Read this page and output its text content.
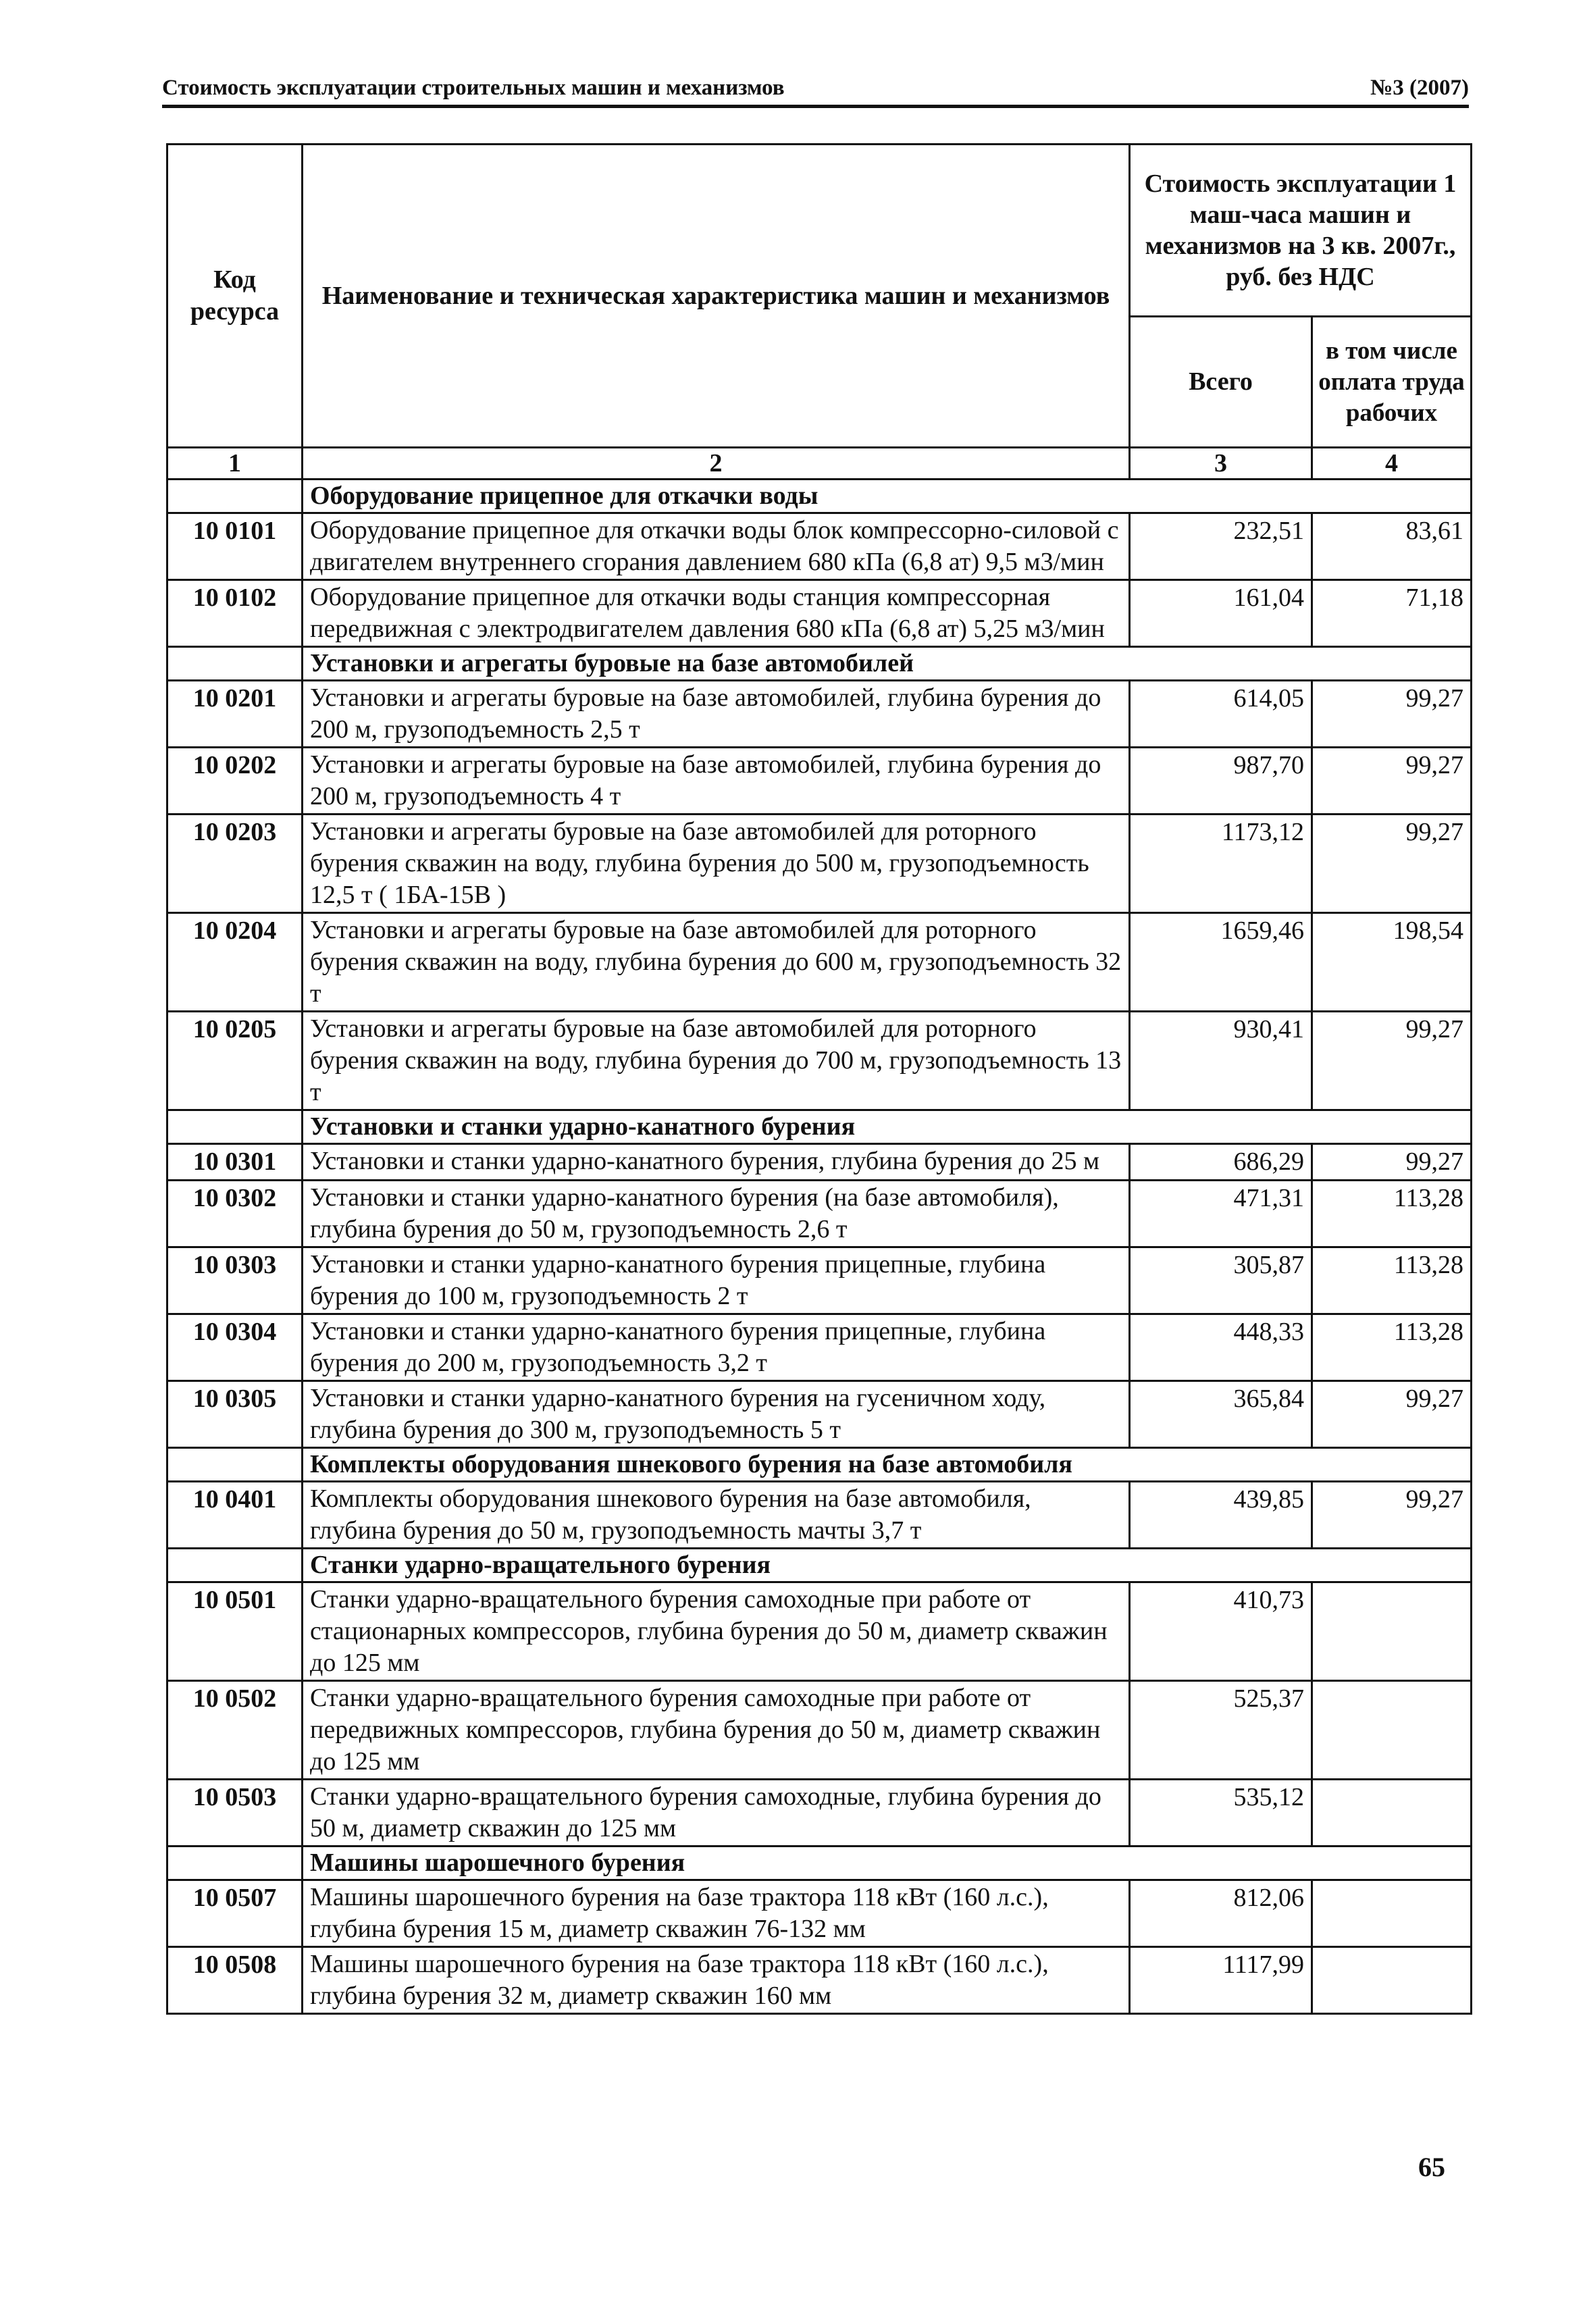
Стоимость эксплуатации строительных машин и механизмов	№3 (2007)
Код ресурса	Наименование и техническая характеристика машин и механизмов	Стоимость эксплуатации 1 маш-часа машин и механизмов на 3 кв. 2007г., руб. без НДС	
		Всего	в том числе оплата труда рабочих
1	2	3	4
	Оборудование прицепное для откачки воды		
10 0101	Оборудование прицепное для откачки воды блок компрессорно-силовой с двигателем внутреннего сгорания давлением 680 кПа (6,8 ат) 9,5 м3/мин	232,51	83,61
10 0102	Оборудование прицепное для откачки воды станция компрессорная передвижная с электродвигателем давления 680 кПа (6,8 ат) 5,25 м3/мин	161,04	71,18
	Установки и агрегаты буровые на базе автомобилей		
10 0201	Установки и агрегаты буровые на базе автомобилей, глубина бурения до 200 м, грузоподъемность 2,5 т	614,05	99,27
10 0202	Установки и агрегаты буровые на базе автомобилей, глубина бурения до 200 м, грузоподъемность 4 т	987,70	99,27
10 0203	Установки и агрегаты буровые на базе автомобилей для роторного бурения скважин на воду, глубина бурения до 500 м, грузоподъемность 12,5 т ( 1БА-15В )	1173,12	99,27
10 0204	Установки и агрегаты буровые на базе автомобилей для роторного бурения скважин на воду, глубина бурения до 600 м, грузоподъемность 32 т	1659,46	198,54
10 0205	Установки и агрегаты буровые на базе автомобилей для роторного бурения скважин на воду, глубина бурения до 700 м, грузоподъемность 13 т	930,41	99,27
	Установки и станки ударно-канатного бурения		
10 0301	Установки и станки ударно-канатного бурения, глубина бурения до 25 м	686,29	99,27
10 0302	Установки и станки ударно-канатного бурения (на базе автомобиля), глубина бурения до 50 м, грузоподъемность 2,6 т	471,31	113,28
10 0303	Установки и станки ударно-канатного бурения прицепные, глубина бурения до 100 м, грузоподъемность 2 т	305,87	113,28
10 0304	Установки и станки ударно-канатного бурения прицепные, глубина бурения до 200 м, грузоподъемность 3,2 т	448,33	113,28
10 0305	Установки и станки ударно-канатного бурения на гусеничном ходу, глубина бурения до 300 м, грузоподъемность 5 т	365,84	99,27
	Комплекты оборудования шнекового бурения на базе автомобиля		
10 0401	Комплекты оборудования шнекового бурения на базе автомобиля, глубина бурения до 50 м, грузоподъемность мачты 3,7 т	439,85	99,27
	Станки ударно-вращательного бурения		
10 0501	Станки ударно-вращательного бурения самоходные при работе от стационарных компрессоров, глубина бурения до 50 м, диаметр скважин до 125 мм	410,73	
10 0502	Станки ударно-вращательного бурения самоходные при работе от передвижных компрессоров, глубина бурения до 50 м, диаметр скважин до 125 мм	525,37	
10 0503	Станки ударно-вращательного бурения самоходные, глубина бурения до 50 м, диаметр скважин до 125 мм	535,12	
	Машины шарошечного бурения		
10 0507	Машины шарошечного бурения на базе трактора 118 кВт (160 л.с.), глубина бурения 15 м, диаметр скважин 76-132 мм	812,06	
10 0508	Машины шарошечного бурения на базе трактора 118 кВт (160 л.с.), глубина бурения 32 м, диаметр скважин 160 мм	1117,99	
65
